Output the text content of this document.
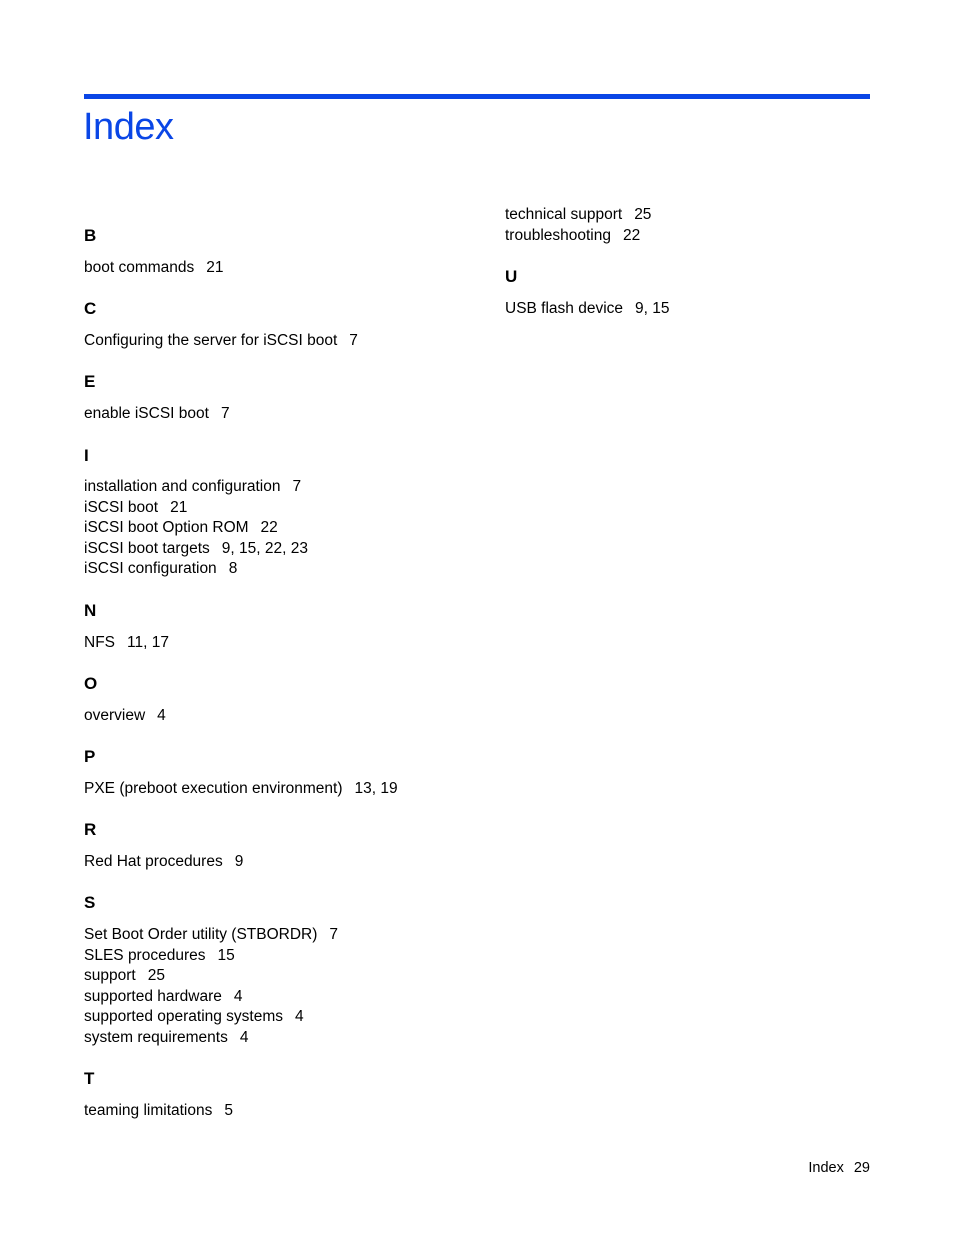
Index
B
boot commands 21
C
Configuring the server for iSCSI boot 7
E
enable iSCSI boot 7
I
installation and configuration 7
iSCSI boot 21
iSCSI boot Option ROM 22
iSCSI boot targets 9, 15, 22, 23
iSCSI configuration 8
N
NFS 11, 17
O
overview 4
P
PXE (preboot execution environment) 13, 19
R
Red Hat procedures 9
S
Set Boot Order utility (STBORDR) 7
SLES procedures 15
support 25
supported hardware 4
supported operating systems 4
system requirements 4
T
teaming limitations 5
technical support 25
troubleshooting 22
U
USB flash device 9, 15
Index 29
